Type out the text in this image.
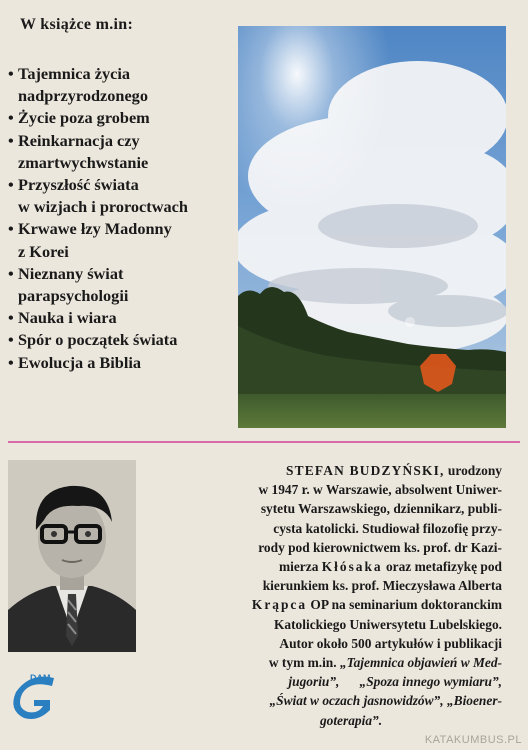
W książce m.in:
• Tajemnica życia
nadprzyrodzonego
• Życie poza grobem
• Reinkarnacja czy
zmartwychwstanie
• Przyszłość świata
w wizjach i proroctwach
• Krwawe łzy Madonny
z Korei
• Nieznany świat
parapsychologii
• Nauka i wiara
• Spór o początek świata
• Ewolucja a Biblia
STEFAN BUDZYŃSKI, urodzony
w 1947 r. w Warszawie, absolwent Uniwer-
sytetu Warszawskiego, dziennikarz, publi-
cysta katolicki. Studiował filozofię przy-
rody pod kierownictwem ks. prof. dr Kazi-
mierza Kłósaka oraz metafizykę pod
kierunkiem ks. prof. Mieczysława Alberta
Krąpca OP na seminarium doktoranckim
Katolickiego Uniwersytetu Lubelskiego.
Autor około 500 artykułów i publikacji
w tym m.in. „Tajemnica objawień w Med-
jugoriu”, „Spoza innego wymiaru”,
„Świat w oczach jasnowidzów”, „Bioener-
goterapia”.
DAM
KATAKUMBUS.PL
